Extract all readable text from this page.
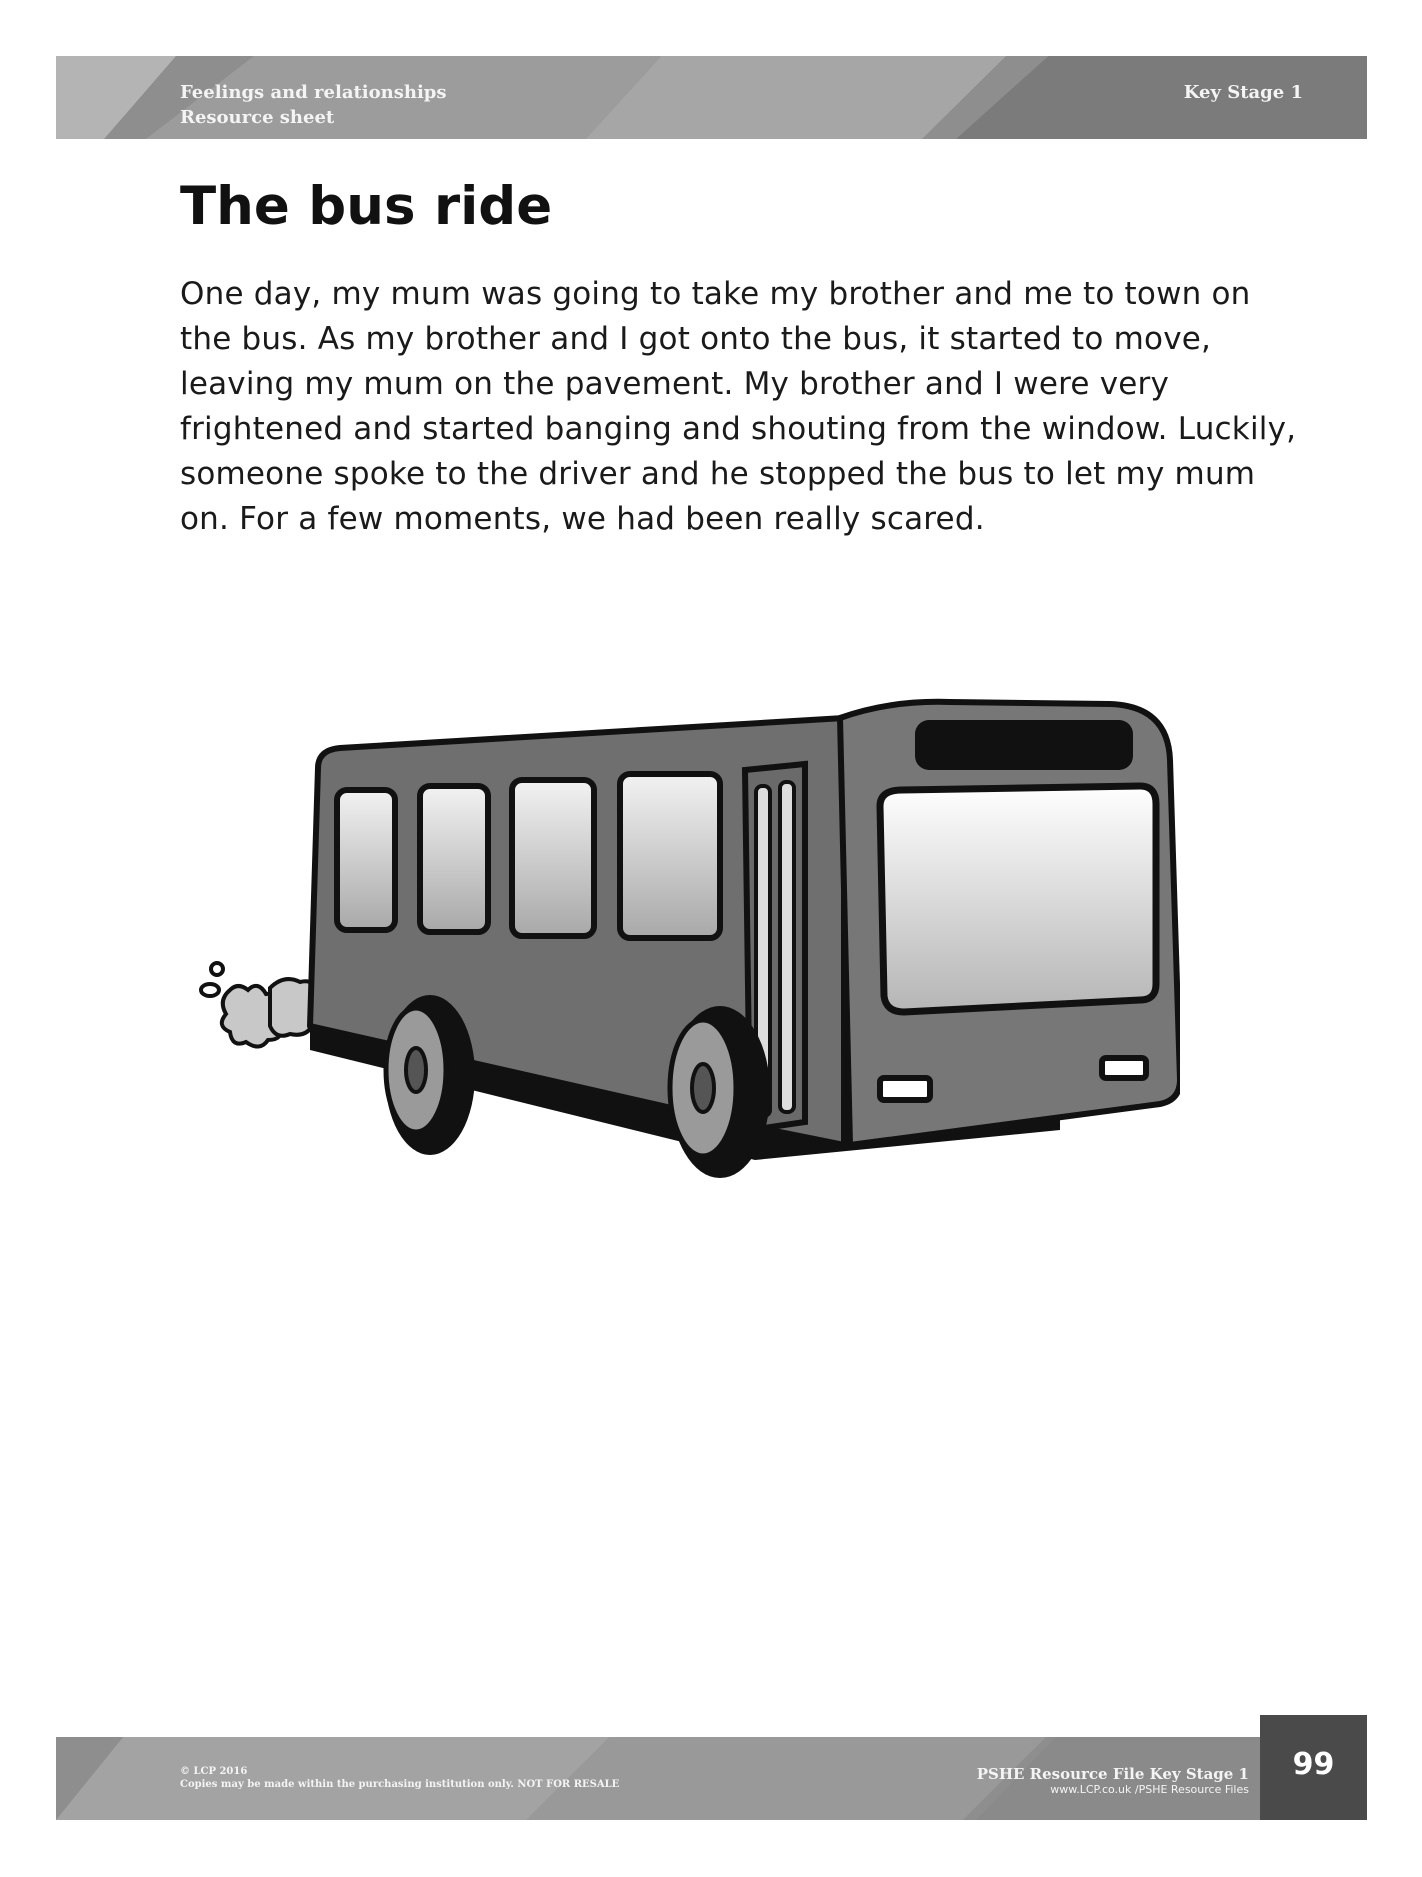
Feelings and relationships
Resource sheet
Key Stage 1
The bus ride

One day, my mum was going to take my brother and me to town on the bus. As my brother and I got onto the bus, it started to move, leaving my mum on the pavement. My brother and I were very frightened and started banging and shouting from the window. Luckily, someone spoke to the driver and he stopped the bus to let my mum on. For a few moments, we had been really scared.

© LCP 2016
Copies may be made within the purchasing institution only. NOT FOR RESALE
PSHE Resource File Key Stage 1
www.LCP.co.uk /PSHE Resource Files
99
